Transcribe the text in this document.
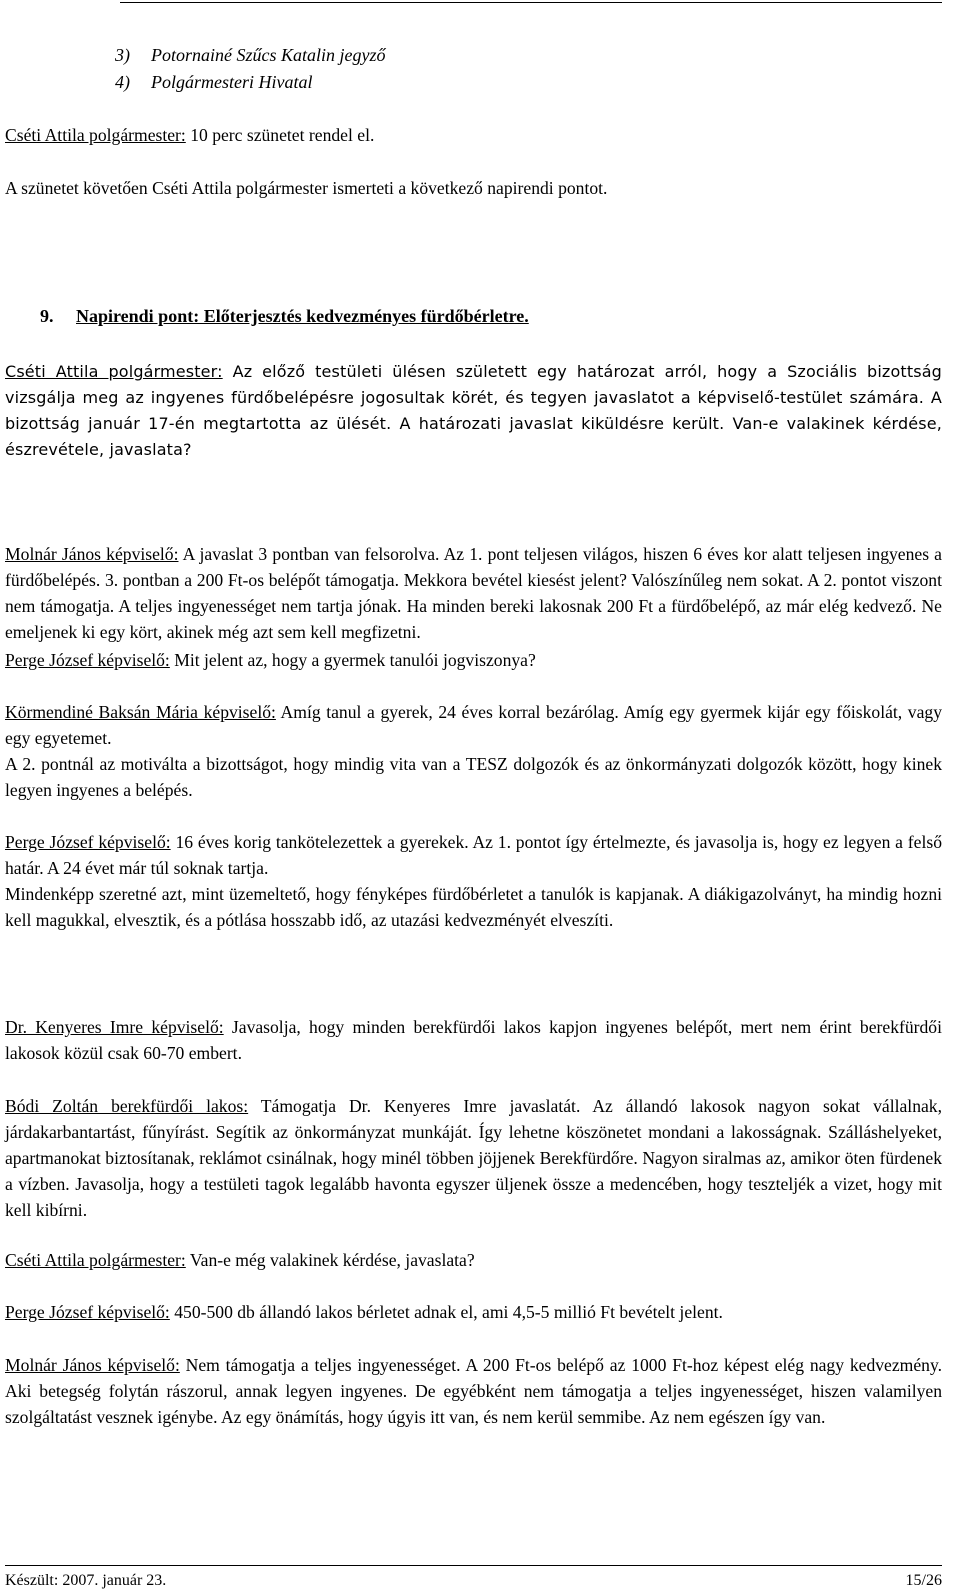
3) Potornainé Szűcs Katalin jegyző
4) Polgármesteri Hivatal

Cséti Attila polgármester: 10 perc szünetet rendel el.

A szünetet követően Cséti Attila polgármester ismerteti a következő napirendi pontot.

9. Napirendi pont: Előterjesztés kedvezményes fürdőbérletre.

Cséti Attila polgármester: Az előző testületi ülésen született egy határozat arról, hogy a Szociális bizottság vizsgálja meg az ingyenes fürdőbelépésre jogosultak körét, és tegyen javaslatot a képviselő-testület számára. A bizottság január 17-én megtartotta az ülését. A határozati javaslat kiküldésre került. Van-e valakinek kérdése, észrevétele, javaslata?

Molnár János képviselő: A javaslat 3 pontban van felsorolva. Az 1. pont teljesen világos, hiszen 6 éves kor alatt teljesen ingyenes a fürdőbelépés. 3. pontban a 200 Ft-os belépőt támogatja. Mekkora bevétel kiesést jelent? Valószínűleg nem sokat. A 2. pontot viszont nem támogatja. A teljes ingyenességet nem tartja jónak. Ha minden bereki lakosnak 200 Ft a fürdőbelépő, az már elég kedvező. Ne emeljenek ki egy kört, akinek még azt sem kell megfizetni.

Perge József képviselő: Mit jelent az, hogy a gyermek tanulói jogviszonya?

Körmendiné Baksán Mária képviselő: Amíg tanul a gyerek, 24 éves korral bezárólag. Amíg egy gyermek kijár egy főiskolát, vagy egy egyetemet.

A 2. pontnál az motiválta a bizottságot, hogy mindig vita van a TESZ dolgozók és az önkormányzati dolgozók között, hogy kinek legyen ingyenes a belépés.

Perge József képviselő: 16 éves korig tankötelezettek a gyerekek. Az 1. pontot így értelmezte, és javasolja is, hogy ez legyen a felső határ. A 24 évet már túl soknak tartja.

Mindenképp szeretné azt, mint üzemeltető, hogy fényképes fürdőbérletet a tanulók is kapjanak. A diákigazolványt, ha mindig hozni kell magukkal, elvesztik, és a pótlása hosszabb idő, az utazási kedvezményét elveszíti.

Dr. Kenyeres Imre képviselő: Javasolja, hogy minden berekfürdői lakos kapjon ingyenes belépőt, mert nem érint berekfürdői lakosok közül csak 60-70 embert.

Bódi Zoltán berekfürdői lakos: Támogatja Dr. Kenyeres Imre javaslatát. Az állandó lakosok nagyon sokat vállalnak, járdakarbantartást, fűnyírást. Segítik az önkormányzat munkáját. Így lehetne köszönetet mondani a lakosságnak. Szálláshelyeket, apartmanokat biztosítanak, reklámot csinálnak, hogy minél többen jöjjenek Berekfürdőre. Nagyon siralmas az, amikor öten fürdenek a vízben. Javasolja, hogy a testületi tagok legalább havonta egyszer üljenek össze a medencében, hogy teszteljék a vizet, hogy mit kell kibírni.

Cséti Attila polgármester: Van-e még valakinek kérdése, javaslata?

Perge József képviselő: 450-500 db állandó lakos bérletet adnak el, ami 4,5-5 millió Ft bevételt jelent.

Molnár János képviselő: Nem támogatja a teljes ingyenességet. A 200 Ft-os belépő az 1000 Ft-hoz képest elég nagy kedvezmény. Aki betegség folytán rászorul, annak legyen ingyenes. De egyébként nem támogatja a teljes ingyenességet, hiszen valamilyen szolgáltatást vesznek igénybe. Az egy önámítás, hogy úgyis itt van, és nem kerül semmibe. Az nem egészen így van.

Készült: 2007. január 23.	15/26
